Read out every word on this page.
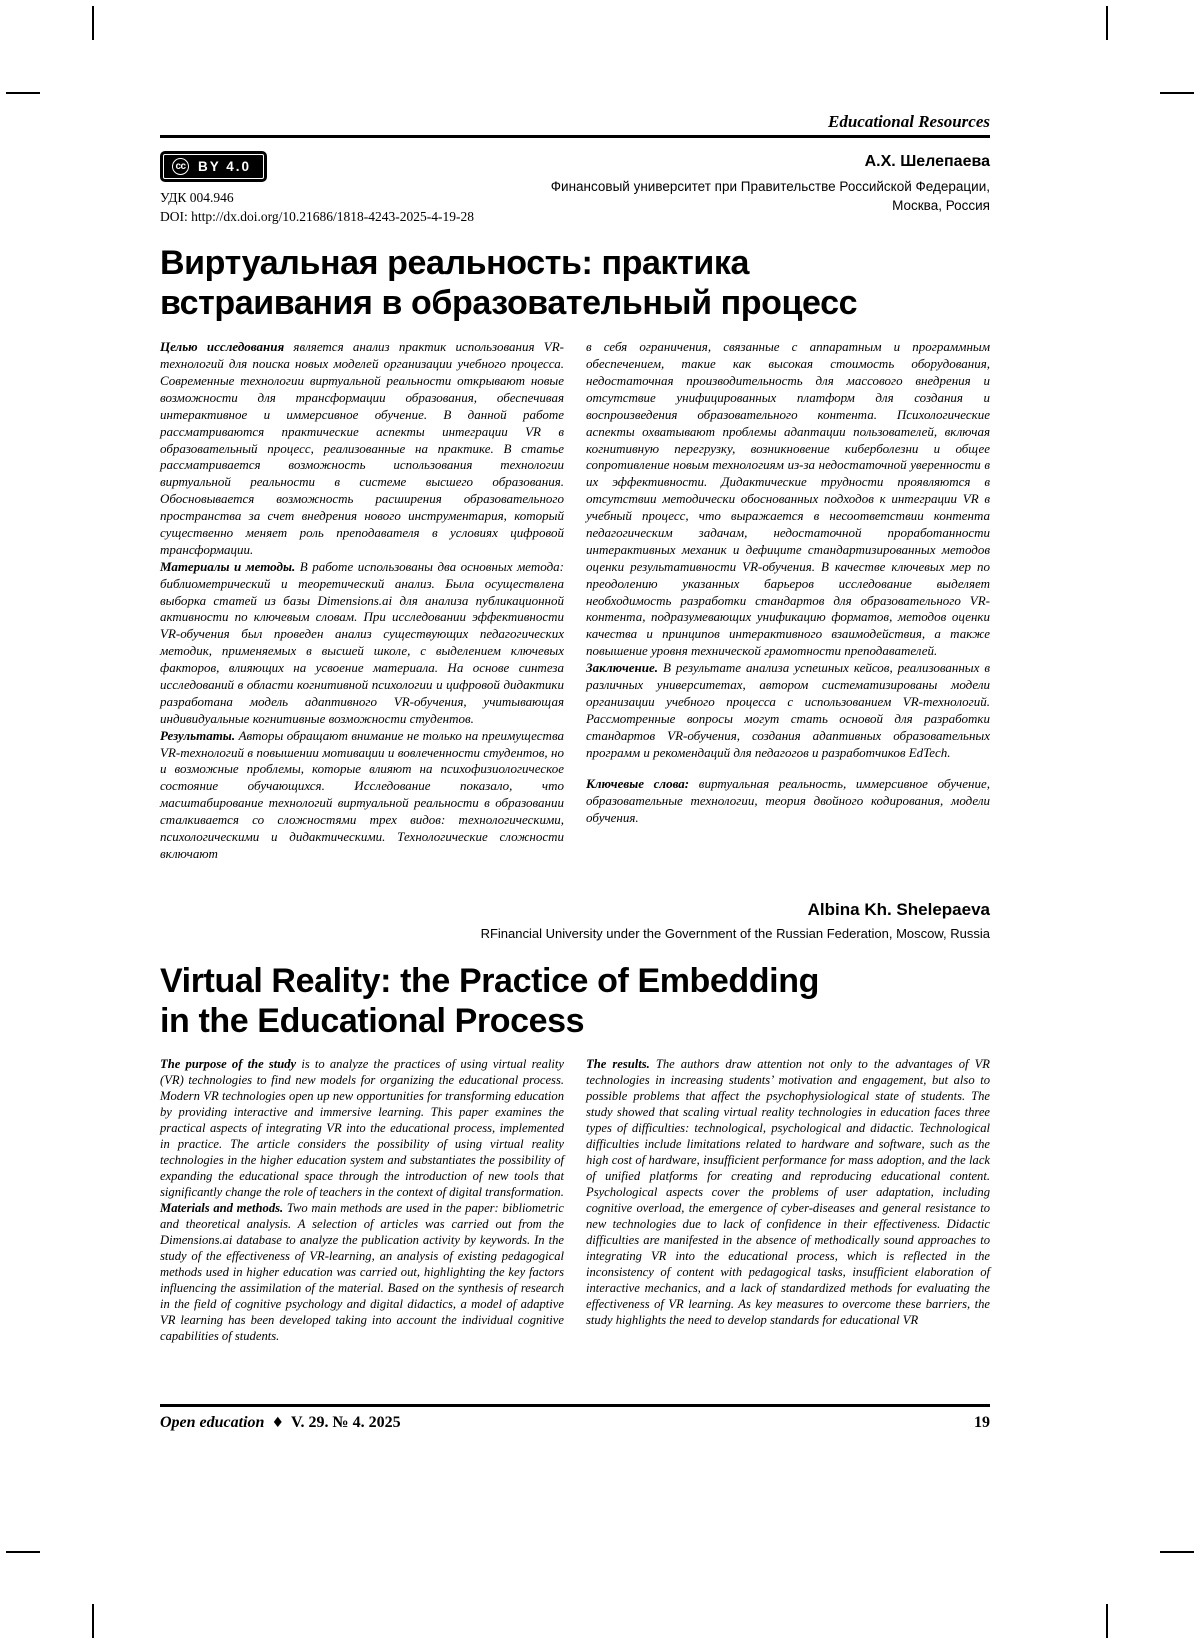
Educational Resources
cc BY 4.0
УДК 004.946
DOI: http://dx.doi.org/10.21686/1818-4243-2025-4-19-28
А.Х. Шелепаева
Финансовый университет при Правительстве Российской Федерации,
Москва, Россия
Виртуальная реальность: практика
встраивания в образовательный процесс

Целью исследования является анализ практик использования VR-технологий для поиска новых моделей организации учебного процесса. Современные технологии виртуальной реальности открывают новые возможности для трансформации образования, обеспечивая интерактивное и иммерсивное обучение. В данной работе рассматриваются практические аспекты интеграции VR в образовательный процесс, реализованные на практике. В статье рассматривается возможность использования технологии виртуальной реальности в системе высшего образования. Обосновывается возможность расширения образовательного пространства за счет внедрения нового инструментария, который существенно меняет роль преподавателя в условиях цифровой трансформации.

Материалы и методы. В работе использованы два основных метода: библиометрический и теоретический анализ. Была осуществлена выборка статей из базы Dimensions.ai для анализа публикационной активности по ключевым словам. При исследовании эффективности VR-обучения был проведен анализ существующих педагогических методик, применяемых в высшей школе, с выделением ключевых факторов, влияющих на усвоение материала. На основе синтеза исследований в области когнитивной психологии и цифровой дидактики разработана модель адаптивного VR-обучения, учитывающая индивидуальные когнитивные возможности студентов.

Результаты. Авторы обращают внимание не только на преимущества VR-технологий в повышении мотивации и вовлеченности студентов, но и возможные проблемы, которые влияют на психофизиологическое состояние обучающихся. Исследование показало, что масштабирование технологий виртуальной реальности в образовании сталкивается со сложностями трех видов: технологическими, психологическими и дидактическими. Технологические сложности включают

в себя ограничения, связанные с аппаратным и программным обеспечением, такие как высокая стоимость оборудования, недостаточная производительность для массового внедрения и отсутствие унифицированных платформ для создания и воспроизведения образовательного контента. Психологические аспекты охватывают проблемы адаптации пользователей, включая когнитивную перегрузку, возникновение киберболезни и общее сопротивление новым технологиям из-за недостаточной уверенности в их эффективности. Дидактические трудности проявляются в отсутствии методически обоснованных подходов к интеграции VR в учебный процесс, что выражается в несоответствии контента педагогическим задачам, недостаточной проработанности интерактивных механик и дефиците стандартизированных методов оценки результативности VR-обучения. В качестве ключевых мер по преодолению указанных барьеров исследование выделяет необходимость разработки стандартов для образовательного VR-контента, подразумевающих унификацию форматов, методов оценки качества и принципов интерактивного взаимодействия, а также повышение уровня технической грамотности преподавателей.

Заключение. В результате анализа успешных кейсов, реализованных в различных университетах, автором систематизированы модели организации учебного процесса с использованием VR-технологий. Рассмотренные вопросы могут стать основой для разработки стандартов VR-обучения, создания адаптивных образовательных программ и рекомендаций для педагогов и разработчиков EdTech.

Ключевые слова: виртуальная реальность, иммерсивное обучение, образовательные технологии, теория двойного кодирования, модели обучения.

Albina Kh. Shelepaeva
RFinancial University under the Government of the Russian Federation, Moscow, Russia
Virtual Reality: the Practice of Embedding
in the Educational Process

The purpose of the study is to analyze the practices of using virtual reality (VR) technologies to find new models for organizing the educational process. Modern VR technologies open up new opportunities for transforming education by providing interactive and immersive learning. This paper examines the practical aspects of integrating VR into the educational process, implemented in practice. The article considers the possibility of using virtual reality technologies in the higher education system and substantiates the possibility of expanding the educational space through the introduction of new tools that significantly change the role of teachers in the context of digital transformation.

Materials and methods. Two main methods are used in the paper: bibliometric and theoretical analysis. A selection of articles was carried out from the Dimensions.ai database to analyze the publication activity by keywords. In the study of the effectiveness of VR-learning, an analysis of existing pedagogical methods used in higher education was carried out, highlighting the key factors influencing the assimilation of the material. Based on the synthesis of research in the field of cognitive psychology and digital didactics, a model of adaptive VR learning has been developed taking into account the individual cognitive capabilities of students.

The results. The authors draw attention not only to the advantages of VR technologies in increasing students’ motivation and engagement, but also to possible problems that affect the psychophysiological state of students. The study showed that scaling virtual reality technologies in education faces three types of difficulties: technological, psychological and didactic. Technological difficulties include limitations related to hardware and software, such as the high cost of hardware, insufficient performance for mass adoption, and the lack of unified platforms for creating and reproducing educational content. Psychological aspects cover the problems of user adaptation, including cognitive overload, the emergence of cyber-diseases and general resistance to new technologies due to lack of confidence in their effectiveness. Didactic difficulties are manifested in the absence of methodically sound approaches to integrating VR into the educational process, which is reflected in the inconsistency of content with pedagogical tasks, insufficient elaboration of interactive mechanics, and a lack of standardized methods for evaluating the effectiveness of VR learning. As key measures to overcome these barriers, the study highlights the need to develop standards for educational VR

Open education ♦ V. 29. № 4. 2025	19
